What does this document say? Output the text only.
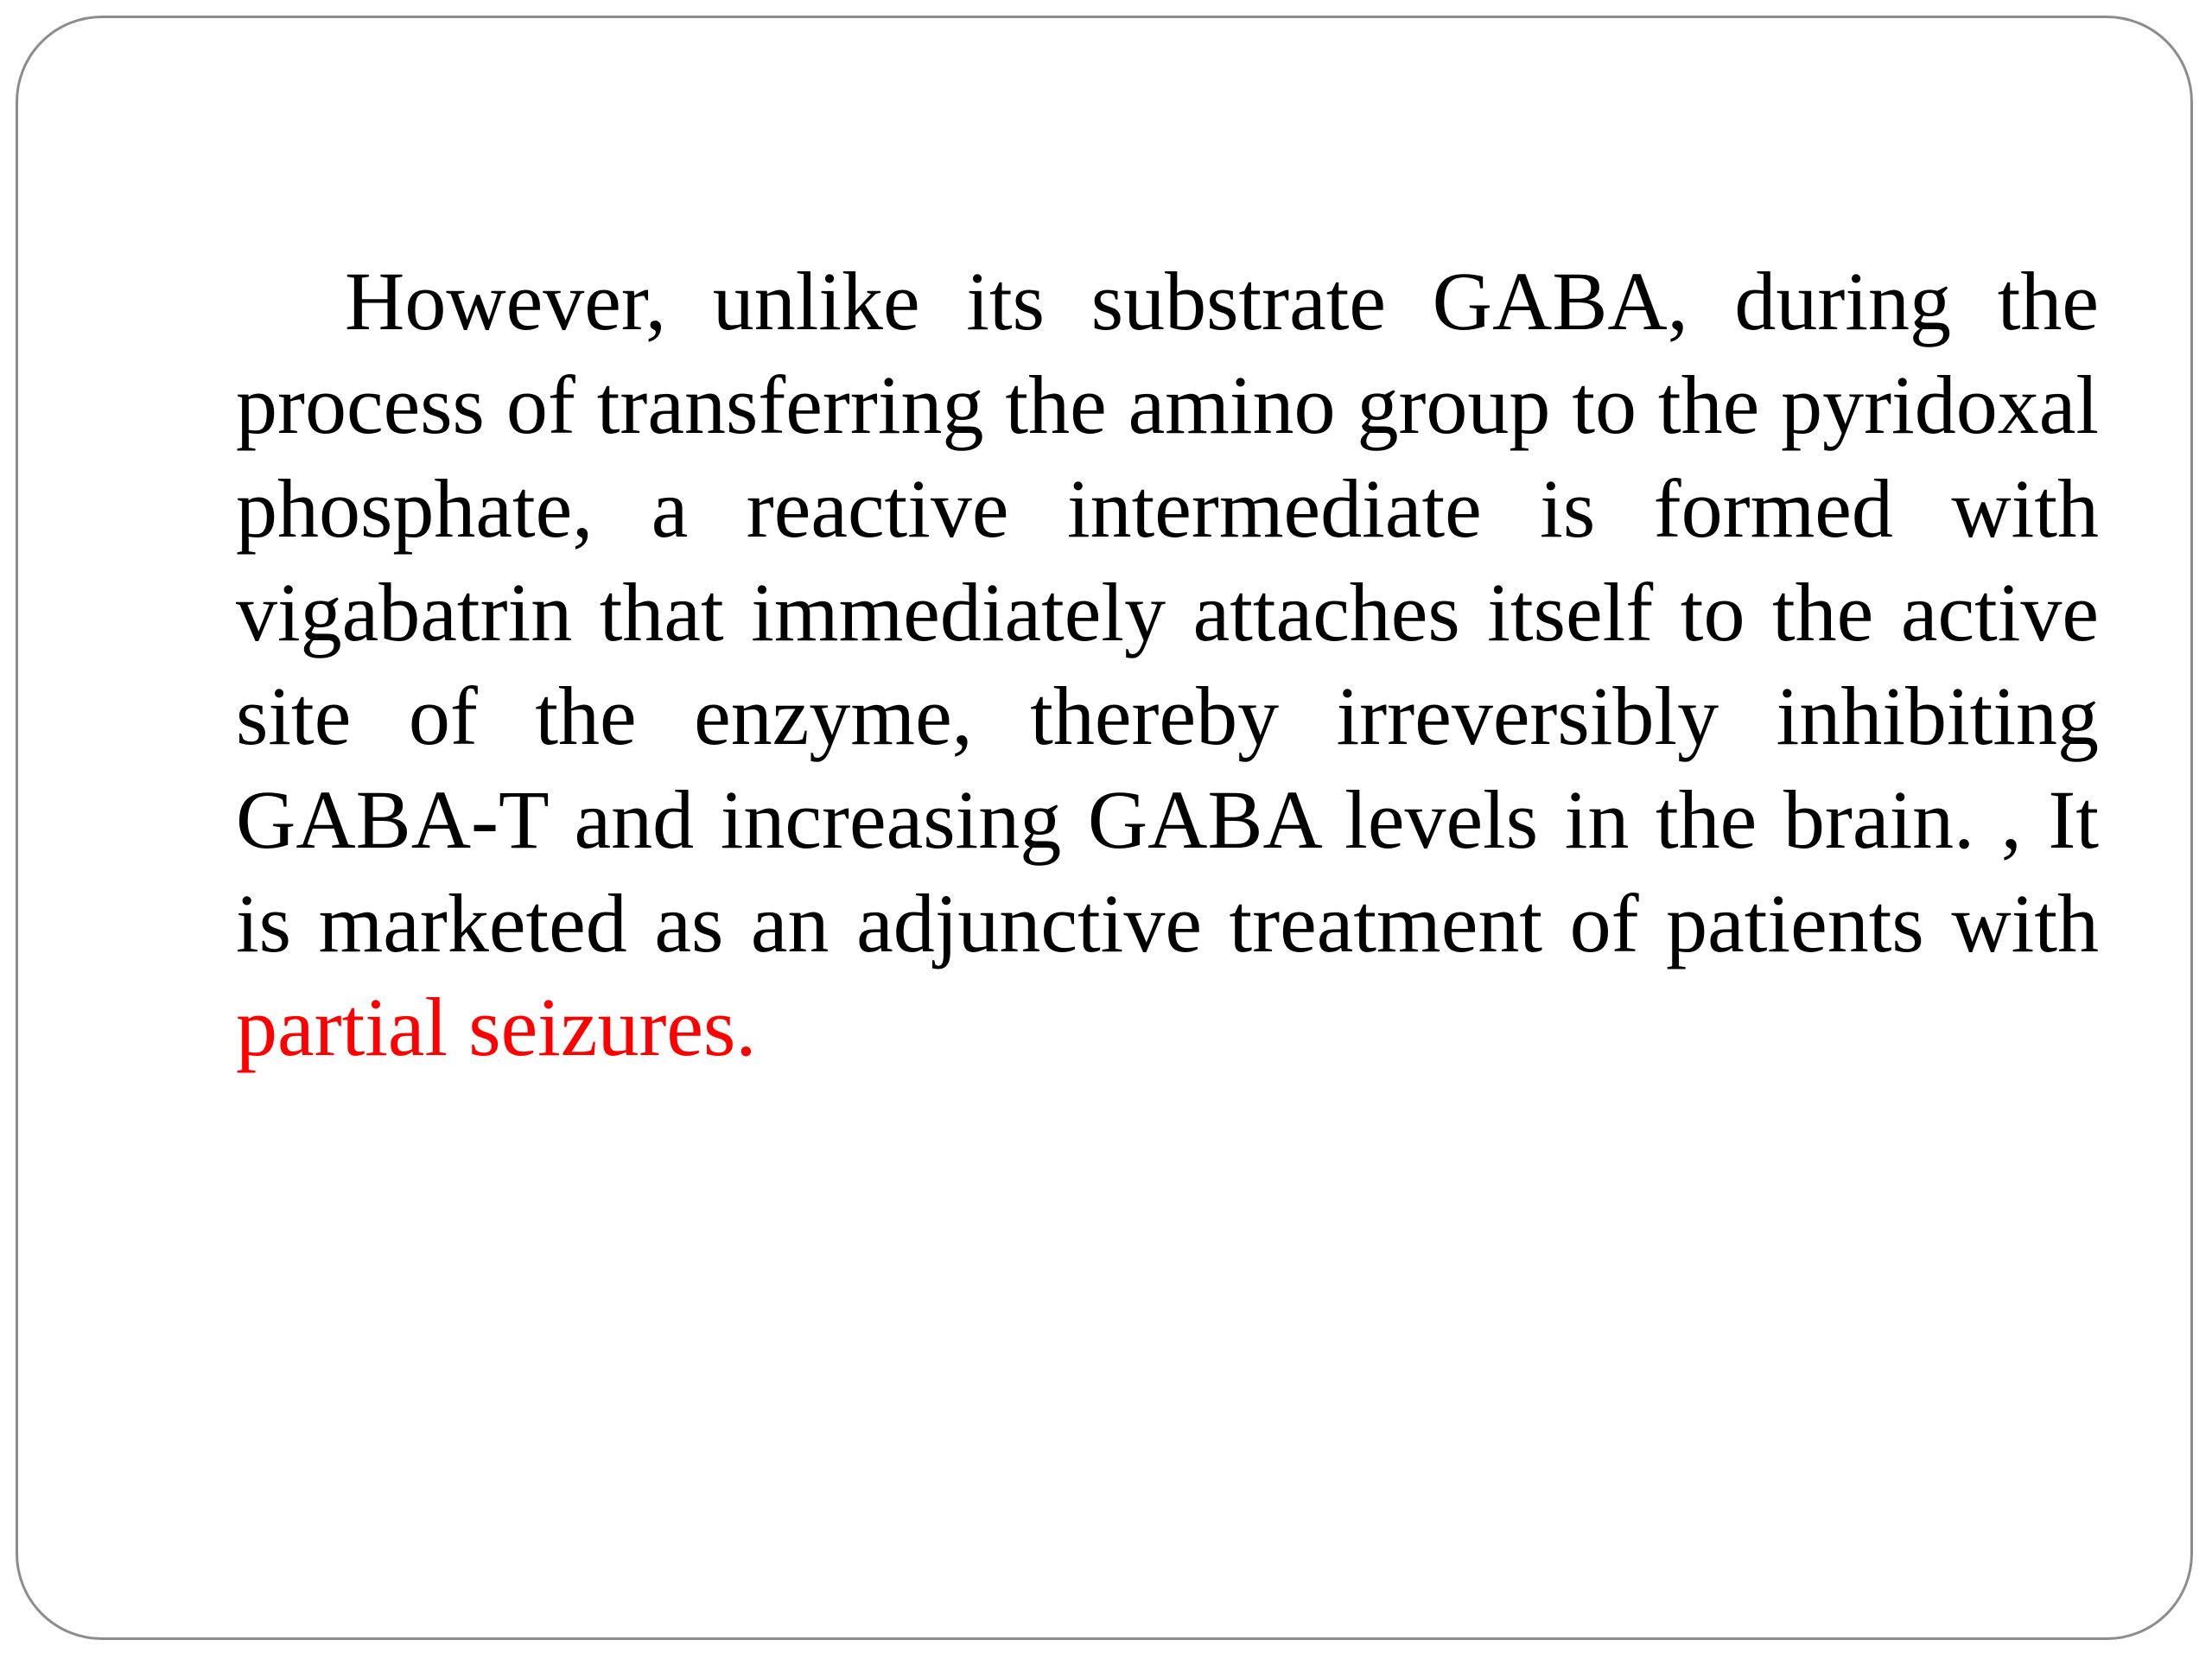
However, unlike its substrate GABA, during the process of transferring the amino group to the pyridoxal phosphate, a reactive intermediate is formed with vigabatrin that immediately attaches itself to the active site of the enzyme, thereby irreversibly inhibiting GABA-T and increasing GABA levels in the brain. , It is marketed as an adjunctive treatment of patients with partial seizures.
